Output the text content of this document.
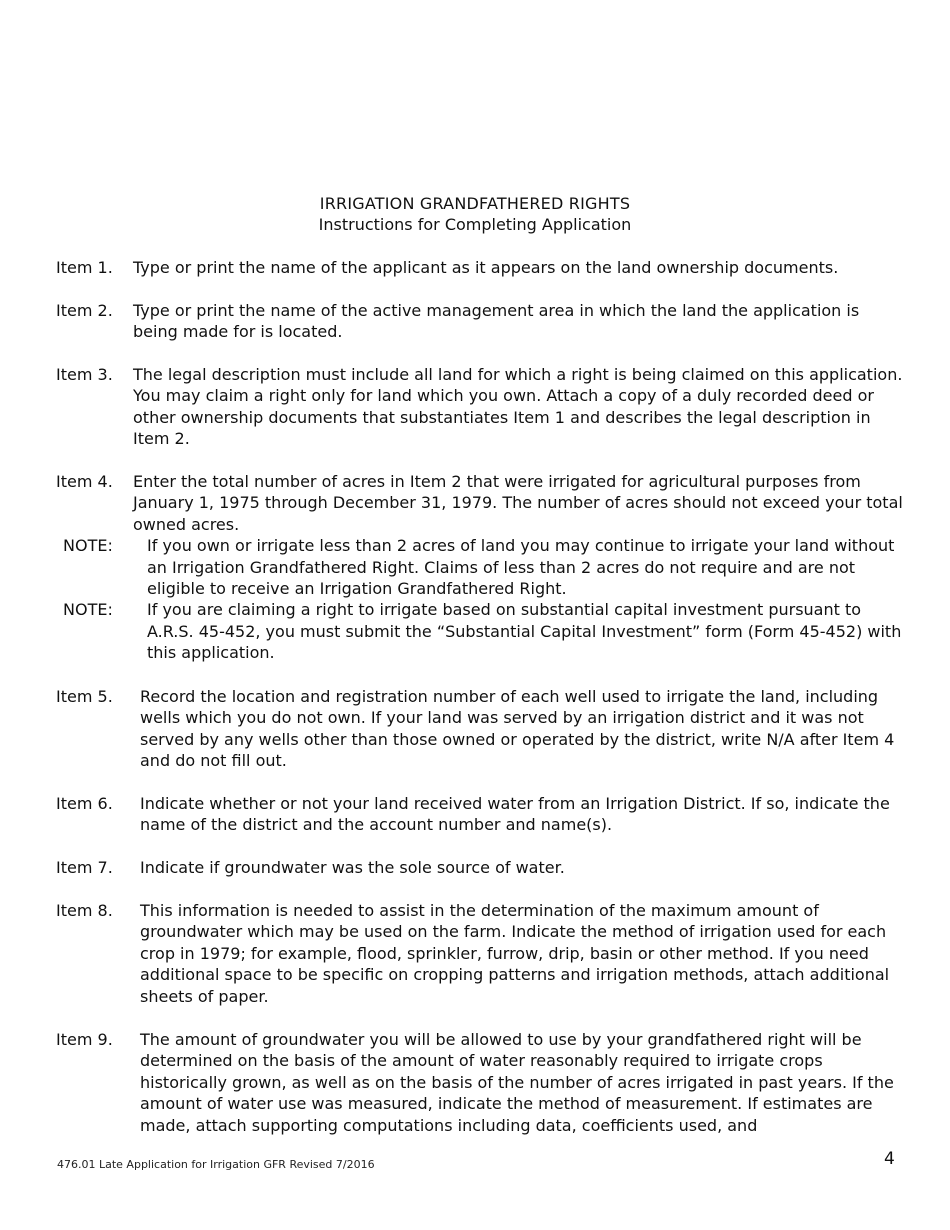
IRRIGATION GRANDFATHERED RIGHTS
Instructions for Completing Application
Item 1. Type or print the name of the applicant as it appears on the land ownership documents.
Item 2. Type or print the name of the active management area in which the land the application is being made for is located.
Item 3. The legal description must include all land for which a right is being claimed on this application. You may claim a right only for land which you own. Attach a copy of a duly recorded deed or other ownership documents that substantiates Item 1 and describes the legal description in Item 2.
Item 4. Enter the total number of acres in Item 2 that were irrigated for agricultural purposes from January 1, 1975 through December 31, 1979. The number of acres should not exceed your total owned acres.
NOTE: If you own or irrigate less than 2 acres of land you may continue to irrigate your land without an Irrigation Grandfathered Right. Claims of less than 2 acres do not require and are not eligible to receive an Irrigation Grandfathered Right.
NOTE: If you are claiming a right to irrigate based on substantial capital investment pursuant to A.R.S. 45-452, you must submit the “Substantial Capital Investment” form (Form 45-452) with this application.
Item 5. Record the location and registration number of each well used to irrigate the land, including wells which you do not own. If your land was served by an irrigation district and it was not served by any wells other than those owned or operated by the district, write N/A after Item 4 and do not fill out.
Item 6. Indicate whether or not your land received water from an Irrigation District. If so, indicate the name of the district and the account number and name(s).
Item 7. Indicate if groundwater was the sole source of water.
Item 8. This information is needed to assist in the determination of the maximum amount of groundwater which may be used on the farm. Indicate the method of irrigation used for each crop in 1979; for example, flood, sprinkler, furrow, drip, basin or other method. If you need additional space to be specific on cropping patterns and irrigation methods, attach additional sheets of paper.
Item 9. The amount of groundwater you will be allowed to use by your grandfathered right will be determined on the basis of the amount of water reasonably required to irrigate crops historically grown, as well as on the basis of the number of acres irrigated in past years. If the amount of water use was measured, indicate the method of measurement. If estimates are made, attach supporting computations including data, coefficients used, and
476.01 Late Application for Irrigation GFR Revised 7/2016	4
